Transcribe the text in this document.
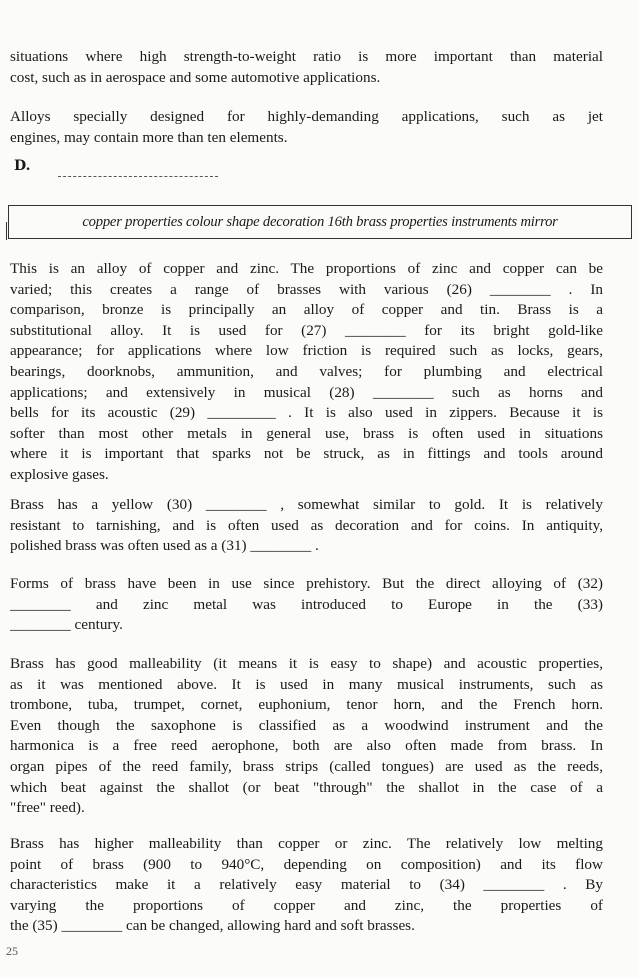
situations where high strength-to-weight ratio is more important than material
cost, such as in aerospace and some automotive applications.
Alloys specially designed for highly-demanding applications, such as jet
engines, may contain more than ten elements.
D.
copper properties colour shape decoration 16th brass properties instruments mirror
This is an alloy of copper and zinc. The proportions of zinc and copper can be
varied; this creates a range of brasses with various (26) ________ . In
comparison, bronze is principally an alloy of copper and tin. Brass is a
substitutional alloy. It is used for (27) ________ for its bright gold-like
appearance; for applications where low friction is required such as locks, gears,
bearings, doorknobs, ammunition, and valves; for plumbing and electrical
applications; and extensively in musical (28) ________ such as horns and
bells for its acoustic (29) _________ . It is also used in zippers. Because it is
softer than most other metals in general use, brass is often used in situations
where it is important that sparks not be struck, as in fittings and tools around
explosive gases.
Brass has a yellow (30) ________ , somewhat similar to gold. It is relatively
resistant to tarnishing, and is often used as decoration and for coins. In antiquity,
polished brass was often used as a (31) ________ .
Forms of brass have been in use since prehistory. But the direct alloying of (32)
________ and zinc metal was introduced to Europe in the (33)
________ century.
Brass has good malleability (it means it is easy to shape) and acoustic properties,
as it was mentioned above. It is used in many musical instruments, such as
trombone, tuba, trumpet, cornet, euphonium, tenor horn, and the French horn.
Even though the saxophone is classified as a woodwind instrument and the
harmonica is a free reed aerophone, both are also often made from brass. In
organ pipes of the reed family, brass strips (called tongues) are used as the reeds,
which beat against the shallot (or beat "through" the shallot in the case of a
"free" reed).
Brass has higher malleability than copper or zinc. The relatively low melting
point of brass (900 to 940°C, depending on composition) and its flow
characteristics make it a relatively easy material to (34) ________ . By
varying the proportions of copper and zinc, the properties of
the (35) ________ can be changed, allowing hard and soft brasses.
25
